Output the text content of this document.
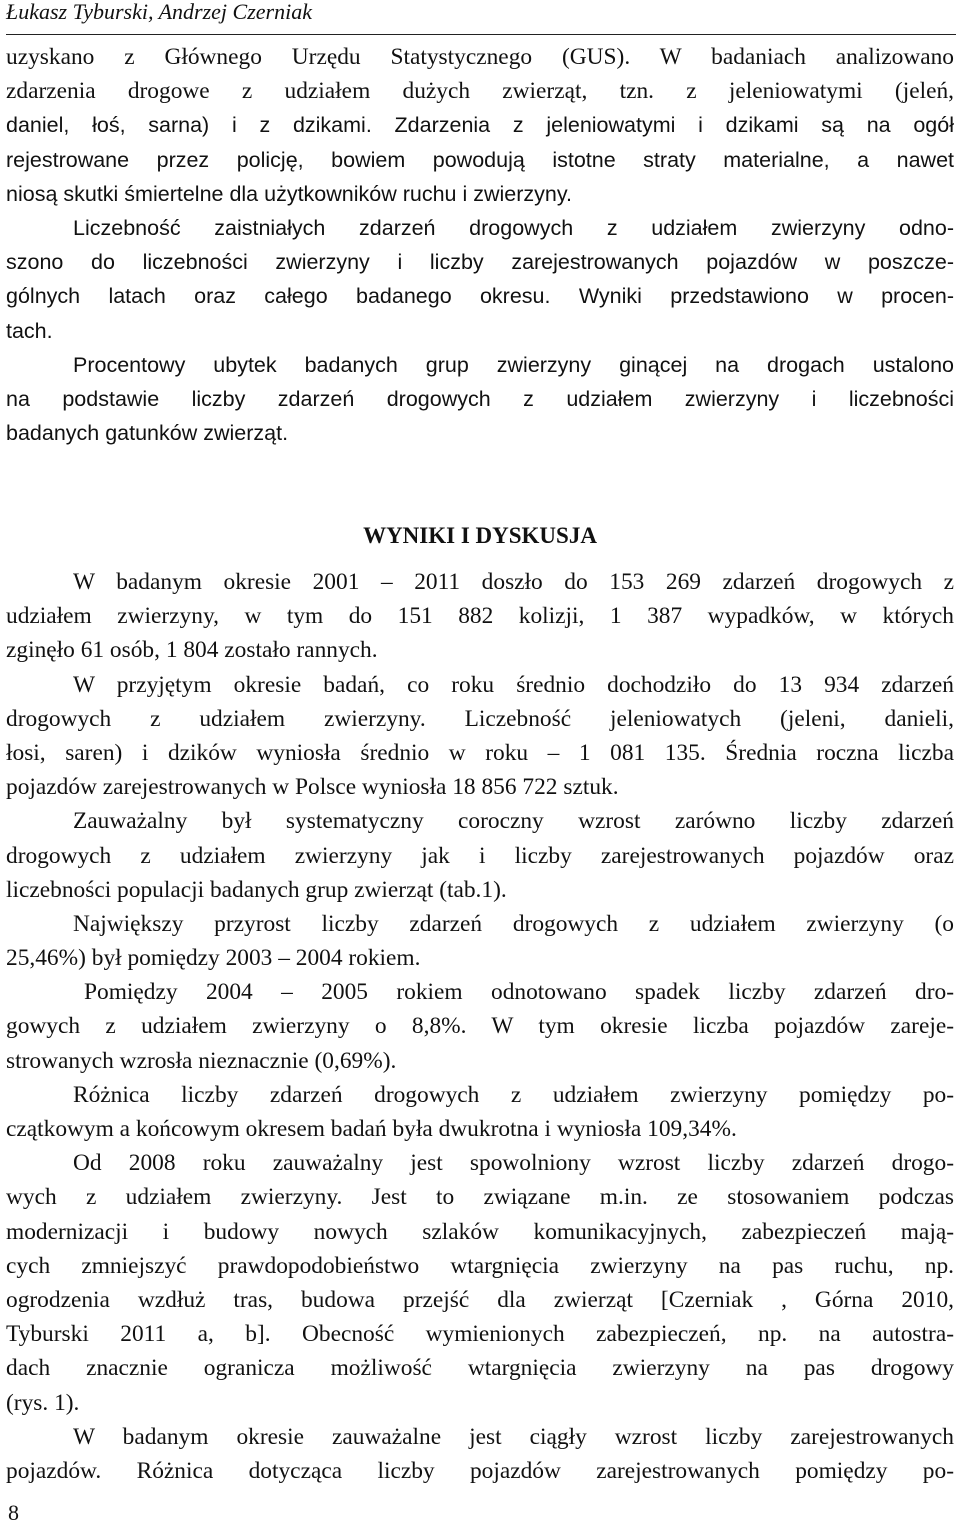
Łukasz Tyburski, Andrzej Czerniak
uzyskano z Głównego Urzędu Statystycznego (GUS). W badaniach analizowano
zdarzenia drogowe z udziałem dużych zwierząt, tzn. z jeleniowatymi (jeleń,
daniel, łoś, sarna) i z dzikami. Zdarzenia z jeleniowatymi i dzikami są na ogół
rejestrowane przez policję, bowiem powodują istotne straty materialne, a nawet
niosą skutki śmiertelne dla użytkowników ruchu i zwierzyny.
Liczebność zaistniałych zdarzeń drogowych z udziałem zwierzyny odno-
szono do liczebności zwierzyny i liczby zarejestrowanych pojazdów w poszcze-
gólnych latach oraz całego badanego okresu. Wyniki przedstawiono w procen-
tach.
Procentowy ubytek badanych grup zwierzyny ginącej na drogach ustalono
na podstawie liczby zdarzeń drogowych z udziałem zwierzyny i liczebności
badanych gatunków zwierząt.
WYNIKI I DYSKUSJA
W badanym okresie 2001 – 2011 doszło do 153 269 zdarzeń drogowych z
udziałem zwierzyny, w tym do 151 882 kolizji, 1 387 wypadków, w których
zginęło 61 osób, 1 804 zostało rannych.
W przyjętym okresie badań, co roku średnio dochodziło do 13 934 zdarzeń
drogowych z udziałem zwierzyny. Liczebność jeleniowatych (jeleni, danieli,
łosi, saren) i dzików wyniosła średnio w roku – 1 081 135. Średnia roczna liczba
pojazdów zarejestrowanych w Polsce wyniosła 18 856 722 sztuk.
Zauważalny był systematyczny coroczny wzrost zarówno liczby zdarzeń
drogowych z udziałem zwierzyny jak i liczby zarejestrowanych pojazdów oraz
liczebności populacji badanych grup zwierząt (tab.1).
Największy przyrost liczby zdarzeń drogowych z udziałem zwierzyny (o
25,46%) był pomiędzy 2003 – 2004 rokiem.
Pomiędzy 2004 – 2005 rokiem odnotowano spadek liczby zdarzeń dro-
gowych z udziałem zwierzyny o 8,8%. W tym okresie liczba pojazdów zareje-
strowanych wzrosła nieznacznie (0,69%).
Różnica liczby zdarzeń drogowych z udziałem zwierzyny pomiędzy po-
czątkowym a końcowym okresem badań była dwukrotna i wyniosła 109,34%.
Od 2008 roku zauważalny jest spowolniony wzrost liczby zdarzeń drogo-
wych z udziałem zwierzyny. Jest to związane m.in. ze stosowaniem podczas
modernizacji i budowy nowych szlaków komunikacyjnych, zabezpieczeń mają-
cych zmniejszyć prawdopodobieństwo wtargnięcia zwierzyny na pas ruchu, np.
ogrodzenia wzdłuż tras, budowa przejść dla zwierząt [Czerniak , Górna 2010,
Tyburski 2011 a, b]. Obecność wymienionych zabezpieczeń, np. na autostra-
dach znacznie ogranicza możliwość wtargnięcia zwierzyny na pas drogowy
(rys. 1).
W badanym okresie zauważalne jest ciągły wzrost liczby zarejestrowanych
pojazdów. Różnica dotycząca liczby pojazdów zarejestrowanych pomiędzy po-
8
